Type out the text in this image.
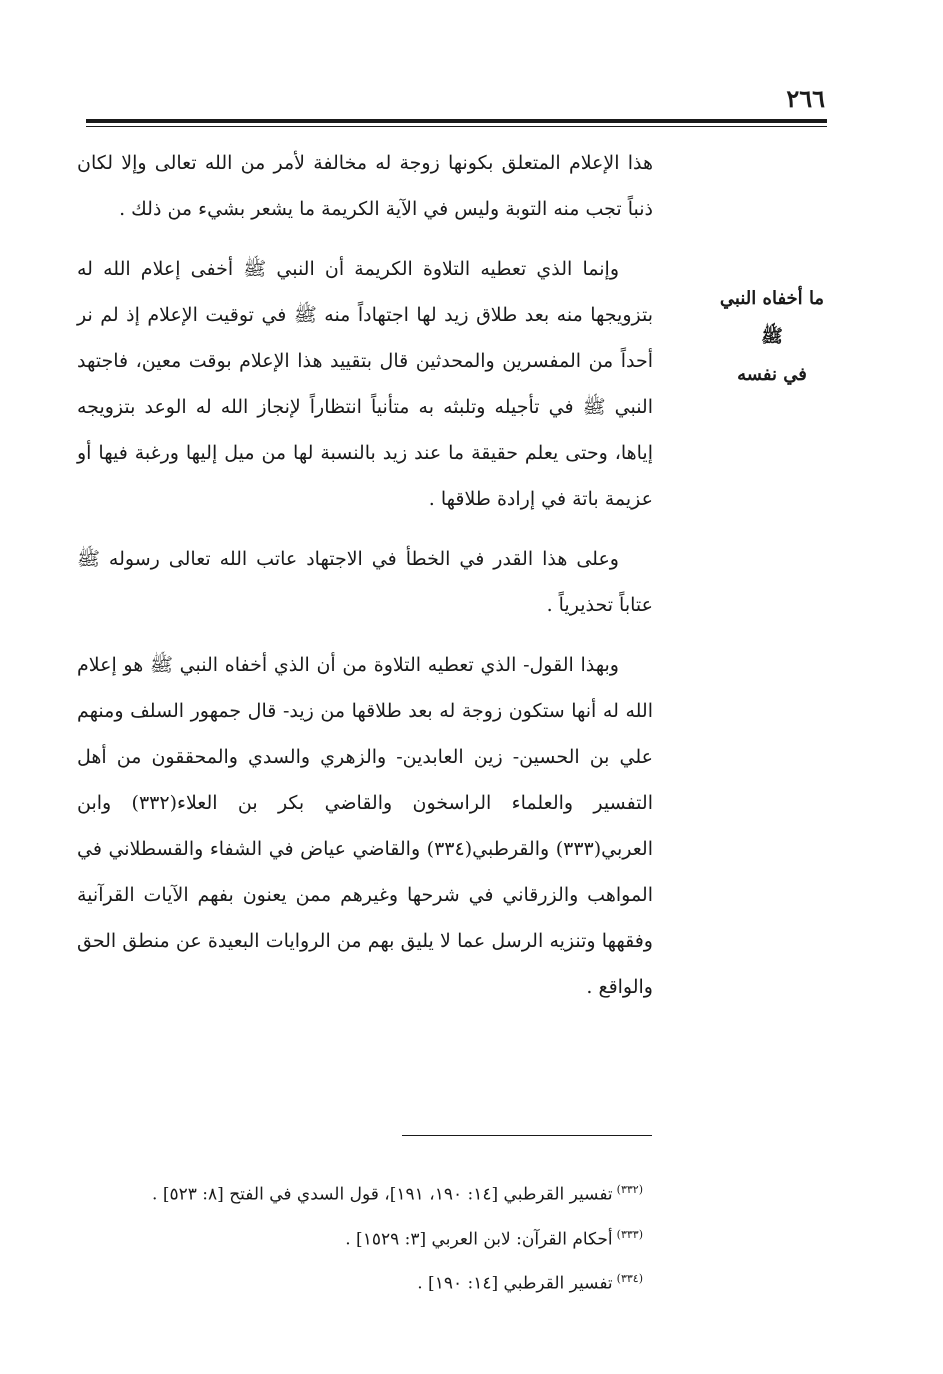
٢٦٦
ما أخفاه النبي
ﷺ
في نفسه

هذا الإعلام المتعلق بكونها زوجة له مخالفة لأمر من الله تعالى وإلا لكان ذنباً تجب منه التوبة وليس في الآية الكريمة ما يشعر بشيء من ذلك .

وإنما الذي تعطيه التلاوة الكريمة أن النبي ﷺ أخفى إعلام الله له بتزويجها منه بعد طلاق زيد لها اجتهاداً منه ﷺ في توقيت الإعلام إذ لم نر أحداً من المفسرين والمحدثين قال بتقييد هذا الإعلام بوقت معين، فاجتهد النبي ﷺ في تأجيله وتلبثه به متأنياً انتظاراً لإنجاز الله له الوعد بتزويجه إياها، وحتى يعلم حقيقة ما عند زيد بالنسبة لها من ميل إليها ورغبة فيها أو عزيمة باتة في إرادة طلاقها .

وعلى هذا القدر في الخطأ في الاجتهاد عاتب الله تعالى رسوله ﷺ عتاباً تحذيرياً .

وبهذا القول- الذي تعطيه التلاوة من أن الذي أخفاه النبي ﷺ هو إعلام الله له أنها ستكون زوجة له بعد طلاقها من زيد- قال جمهور السلف ومنهم علي بن الحسين- زين العابدين- والزهري والسدي والمحققون من أهل التفسير والعلماء الراسخون والقاضي بكر بن العلاء(٣٣٢) وابن العربي(٣٣٣) والقرطبي(٣٣٤) والقاضي عياض في الشفاء والقسطلاني في المواهب والزرقاني في شرحها وغيرهم ممن يعنون بفهم الآيات القرآنية وفقهها وتنزيه الرسل عما لا يليق بهم من الروايات البعيدة عن منطق الحق والواقع .

$^{(٣٣٢)}$تفسير القرطبي [١٤: ١٩٠، ١٩١]، قول السدي في الفتح [٨: ٥٢٣] .
$^{(٣٣٣)}$أحكام القرآن: لابن العربي [٣: ١٥٢٩] .
$^{(٣٣٤)}$تفسير القرطبي [١٤: ١٩٠] .
